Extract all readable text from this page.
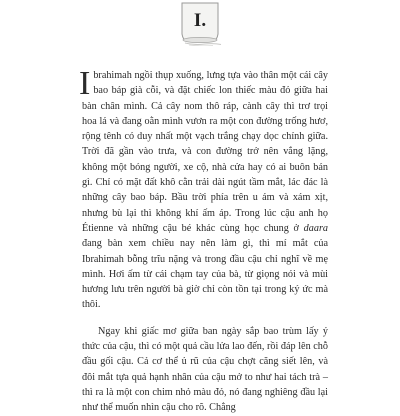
I.

Ibrahimah ngồi thụp xuống, lưng tựa vào thân một cái cây bao báp già cỗi, và đặt chiếc lon thiếc màu đỏ giữa hai bàn chân mình. Cả cây nom thô ráp, cành cây thì trơ trọi hoa lá và đang oằn mình vươn ra một con đường trống hươ, rộng tênh có duy nhất một vạch trắng chạy dọc chính giữa. Trời đã gần vào trưa, và con đường trở nên vắng lặng, không một bóng người, xe cộ, nhà cửa hay có ai buôn bán gì. Chỉ có mặt đất khô cằn trải dài ngút tầm mắt, lác đác là những cây bao báp. Bầu trời phía trên u ám và xám xịt, nhưng bù lại thì không khí ấm áp. Trong lúc cậu anh họ Étienne và những cậu bé khác cùng học chung ở daara đang bàn xem chiều nay nên làm gì, thì mí mắt của Ibrahimah bỗng trĩu nặng và trong đầu cậu chỉ nghĩ về mẹ mình. Hơi ấm từ cái chạm tay của bà, từ giọng nói và mùi hương lưu trên người bà giờ chỉ còn tồn tại trong ký ức mà thôi.

Ngay khi giấc mơ giữa ban ngày sắp bao trùm lấy ý thức của cậu, thì có một quả cầu lửa lao đến, rồi đáp lên chỗ đầu gối cậu. Cả cơ thể ủ rũ của cậu chợt căng siết lên, và đôi mắt tựa quả hạnh nhân của cậu mở to như hai tách trà – thì ra là một con chim nhỏ màu đỏ, nó đang nghiêng đầu lại như thể muốn nhìn cậu cho rõ. Chẳng
